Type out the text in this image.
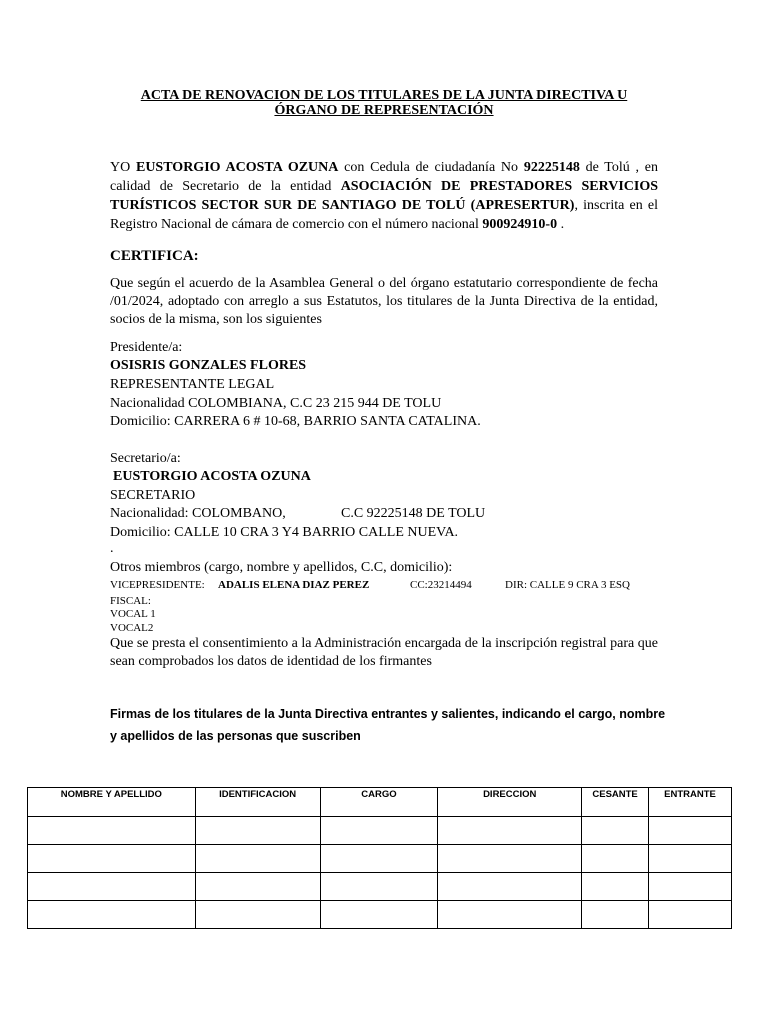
ACTA DE RENOVACION DE LOS TITULARES DE LA JUNTA DIRECTIVA U
ÓRGANO DE REPRESENTACIÓN
YO EUSTORGIO ACOSTA OZUNA con Cedula de ciudadanía No 92225148 de Tolú , en calidad de Secretario de la entidad ASOCIACIÓN DE PRESTADORES SERVICIOS TURÍSTICOS SECTOR SUR DE SANTIAGO DE TOLÚ (APRESERTUR), inscrita en el Registro Nacional de cámara de comercio con el número nacional 900924910-0 .
CERTIFICA:
Que según el acuerdo de la Asamblea General o del órgano estatutario correspondiente de fecha /01/2024, adoptado con arreglo a sus Estatutos, los titulares de la Junta Directiva de la entidad, socios de la misma, son los siguientes
Presidente/a:
OSISRIS GONZALES FLORES
REPRESENTANTE LEGAL
Nacionalidad COLOMBIANA, C.C 23 215 944 DE TOLU
Domicilio: CARRERA 6 # 10-68, BARRIO SANTA CATALINA.
Secretario/a:
EUSTORGIO ACOSTA OZUNA
SECRETARIO
Nacionalidad: COLOMBANO,	C.C 92225148 DE TOLU
Domicilio: CALLE 10 CRA 3 Y4 BARRIO CALLE NUEVA.
.
Otros miembros (cargo, nombre y apellidos, C.C, domicilio):
VICEPRESIDENTE: ADALIS ELENA DIAZ PEREZ	CC:23214494	DIR: CALLE 9 CRA 3 ESQ
FISCAL:
VOCAL 1
VOCAL2
Que se presta el consentimiento a la Administración encargada de la inscripción registral para que sean comprobados los datos de identidad de los firmantes
Firmas de los titulares de la Junta Directiva entrantes y salientes, indicando el cargo, nombre y apellidos de las personas que suscriben
NOMBRE Y APELLIDO	IDENTIFICACION	CARGO	DIRECCION	CESANTE	ENTRANTE
